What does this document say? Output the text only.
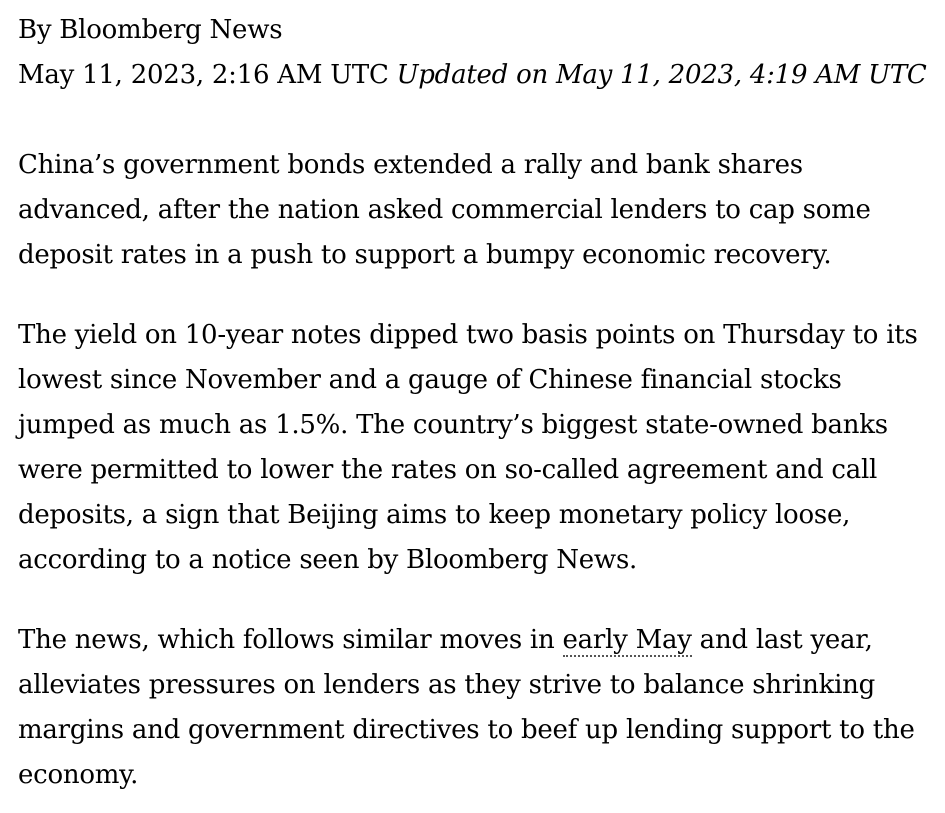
By Bloomberg News

May 11, 2023, 2:16 AM UTC Updated on May 11, 2023, 4:19 AM UTC

China’s government bonds extended a rally and bank shares advanced, after the nation asked commercial lenders to cap some deposit rates in a push to support a bumpy economic recovery.

The yield on 10-year notes dipped two basis points on Thursday to its lowest since November and a gauge of Chinese financial stocks jumped as much as 1.5%. The country’s biggest state-owned banks were permitted to lower the rates on so-called agreement and call deposits, a sign that Beijing aims to keep monetary policy loose, according to a notice seen by Bloomberg News.

The news, which follows similar moves in early May and last year, alleviates pressures on lenders as they strive to balance shrinking margins and government directives to beef up lending support to the economy.
